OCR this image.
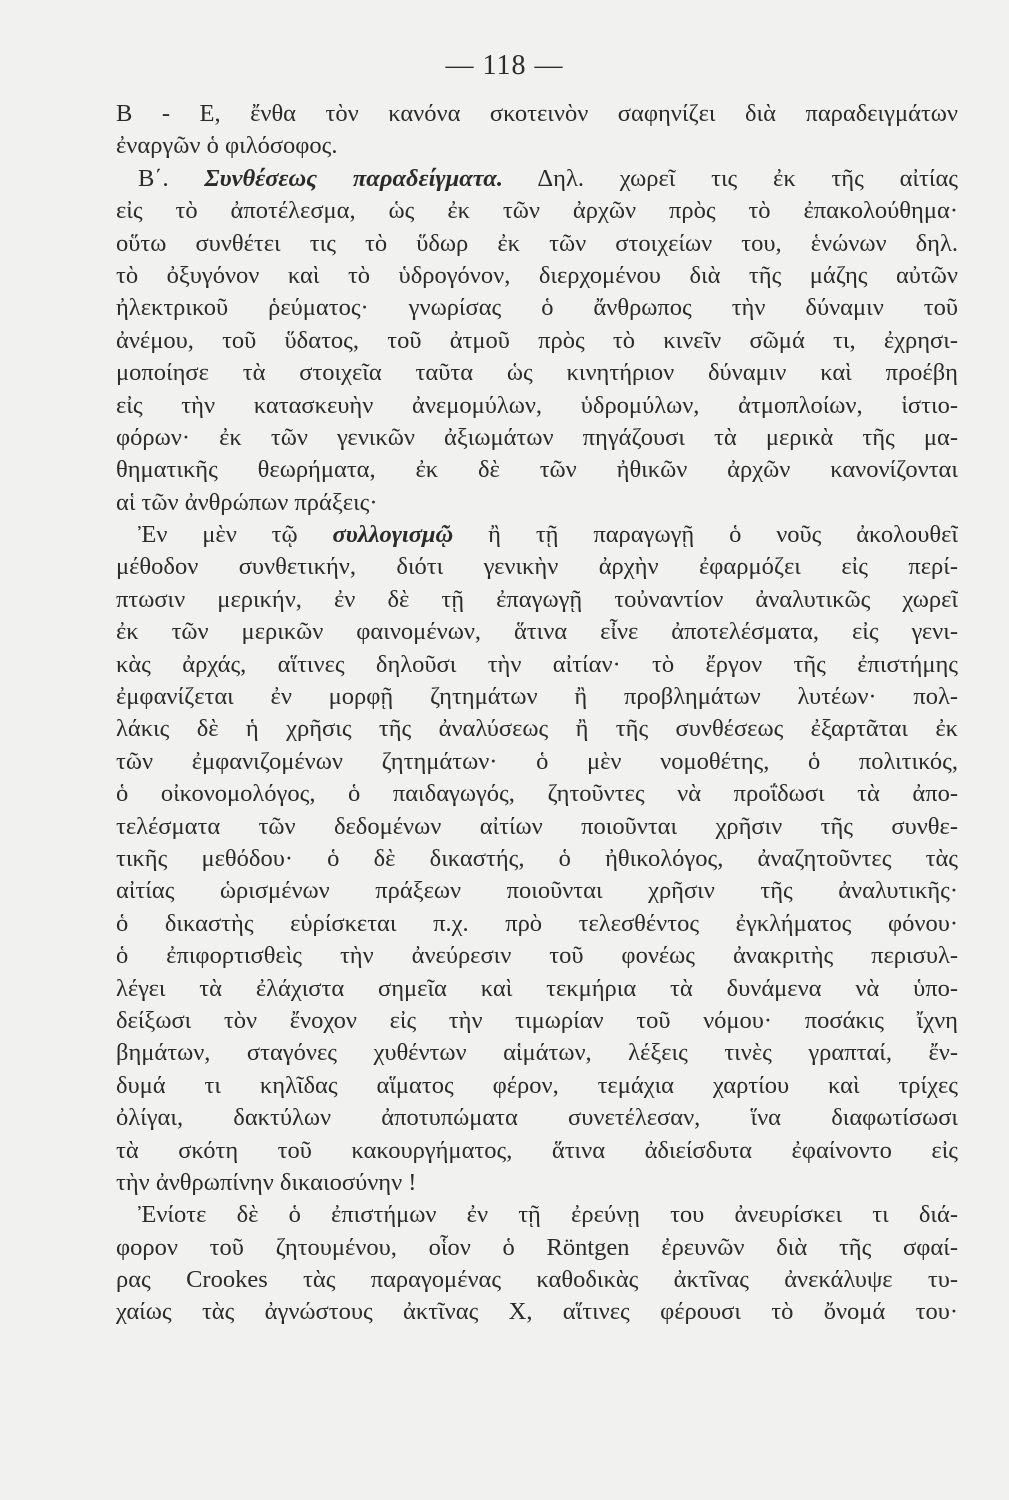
— 118 —
Β - Ε, ἔνθα τὸν κανόνα σκοτεινὸν σαφηνίζει διὰ παραδειγμάτων
ἐναργῶν ὁ φιλόσοφος.
Β΄. Συνθέσεως παραδείγματα. Δηλ. χωρεῖ τις ἐκ τῆς αἰτίας
εἰς τὸ ἀποτέλεσμα, ὡς ἐκ τῶν ἀρχῶν πρὸς τὸ ἐπακολούθημα·
οὕτω συνθέτει τις τὸ ὕδωρ ἐκ τῶν στοιχείων του, ἑνώνων δηλ.
τὸ ὀξυγόνον καὶ τὸ ὑδρογόνον, διερχομένου διὰ τῆς μάζης αὐτῶν
ἠλεκτρικοῦ ῥεύματος· γνωρίσας ὁ ἄνθρωπος τὴν δύναμιν τοῦ
ἀνέμου, τοῦ ὕδατος, τοῦ ἀτμοῦ πρὸς τὸ κινεῖν σῶμά τι, ἐχρησι-
μοποίησε τὰ στοιχεῖα ταῦτα ὡς κινητήριον δύναμιν καὶ προέβη
εἰς τὴν κατασκευὴν ἀνεμομύλων, ὑδρομύλων, ἀτμοπλοίων, ἱστιο-
φόρων· ἐκ τῶν γενικῶν ἀξιωμάτων πηγάζουσι τὰ μερικὰ τῆς μα-
θηματικῆς θεωρήματα, ἐκ δὲ τῶν ἠθικῶν ἀρχῶν κανονίζονται
αἱ τῶν ἀνθρώπων πράξεις·
Ἐν μὲν τῷ συλλογισμῷ ἢ τῇ παραγωγῇ ὁ νοῦς ἀκολουθεῖ
μέθοδον συνθετικήν, διότι γενικὴν ἀρχὴν ἐφαρμόζει εἰς περί-
πτωσιν μερικήν, ἐν δὲ τῇ ἐπαγωγῇ τοὐναντίον ἀναλυτικῶς χωρεῖ
ἐκ τῶν μερικῶν φαινομένων, ἅτινα εἶνε ἀποτελέσματα, εἰς γενι-
κὰς ἀρχάς, αἵτινες δηλοῦσι τὴν αἰτίαν· τὸ ἔργον τῆς ἐπιστήμης
ἐμφανίζεται ἐν μορφῇ ζητημάτων ἢ προβλημάτων λυτέων· πολ-
λάκις δὲ ἡ χρῆσις τῆς ἀναλύσεως ἢ τῆς συνθέσεως ἐξαρτᾶται ἐκ
τῶν ἐμφανιζομένων ζητημάτων· ὁ μὲν νομοθέτης, ὁ πολιτικός,
ὁ οἰκονομολόγος, ὁ παιδαγωγός, ζητοῦντες νὰ προΐδωσι τὰ ἀπο-
τελέσματα τῶν δεδομένων αἰτίων ποιοῦνται χρῆσιν τῆς συνθε-
τικῆς μεθόδου· ὁ δὲ δικαστής, ὁ ἠθικολόγος, ἀναζητοῦντες τὰς
αἰτίας ὡρισμένων πράξεων ποιοῦνται χρῆσιν τῆς ἀναλυτικῆς·
ὁ δικαστὴς εὑρίσκεται π.χ. πρὸ τελεσθέντος ἐγκλήματος φόνου·
ὁ ἐπιφορτισθεὶς τὴν ἀνεύρεσιν τοῦ φονέως ἀνακριτὴς περισυλ-
λέγει τὰ ἐλάχιστα σημεῖα καὶ τεκμήρια τὰ δυνάμενα νὰ ὑπο-
δείξωσι τὸν ἔνοχον εἰς τὴν τιμωρίαν τοῦ νόμου· ποσάκις ἴχνη
βημάτων, σταγόνες χυθέντων αἱμάτων, λέξεις τινὲς γραπταί, ἔν-
δυμά τι κηλῖδας αἵματος φέρον, τεμάχια χαρτίου καὶ τρίχες
ὀλίγαι, δακτύλων ἀποτυπώματα συνετέλεσαν, ἵνα διαφωτίσωσι
τὰ σκότη τοῦ κακουργήματος, ἅτινα ἀδιείσδυτα ἐφαίνοντο εἰς
τὴν ἀνθρωπίνην δικαιοσύνην !
Ἐνίοτε δὲ ὁ ἐπιστήμων ἐν τῇ ἐρεύνῃ του ἀνευρίσκει τι διά-
φορον τοῦ ζητουμένου, οἷον ὁ Röntgen ἐρευνῶν διὰ τῆς σφαί-
ρας Crookes τὰς παραγομένας καθοδικὰς ἀκτῖνας ἀνεκάλυψε τυ-
χαίως τὰς ἀγνώστους ἀκτῖνας Χ, αἵτινες φέρουσι τὸ ὄνομά του·
